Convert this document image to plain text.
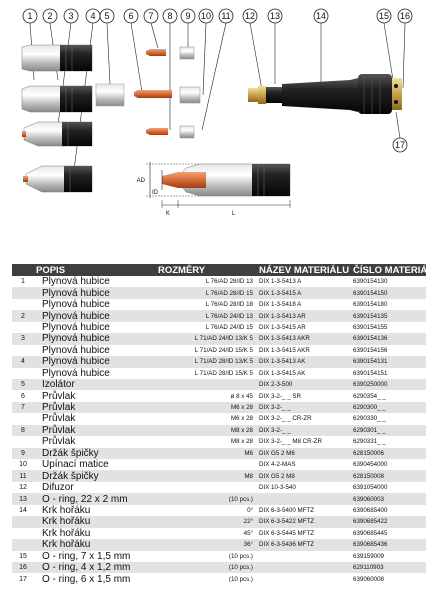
1 2 3 4 5 6 7 8 9 10 11 12 13	14	15 16
17
AD
ID
K	L
	POPIS	ROZMĚRY	NÁZEV MATERIÁLU	ČÍSLO MATERIÁLU
1	Plynová hubice	L 76/AD 28/ID 13	DIX 1-3-5413 A	6390154130
	Plynová hubice	L 76/AD 28/ID 15	DIX 1-3-5415 A	6390154150
	Plynová hubice	L 76/AD 28/ID 18	DIX 1-3-5418 A	6390154180
2	Plynová hubice	L 76/AD 24/ID 13	DIX 1-3-5413 AR	6390154135
	Plynová hubice	L 76/AD 24/ID 15	DIX 1-3-5415 AR	6390154155
3	Plynová hubice	L 71/AD 24/ID 13/K 5	DIX 1-3-5413 AKR	6390154136
	Plynová hubice	L 71/AD 24/ID 15/K 5	DIX 1-3-5415 AKR	6390154156
4	Plynová hubice	L 71/AD 28/ID 13/K 5	DIX 1-3-5413 AK	6390154131
	Plynová hubice	L 71/AD 28/ID 15/K 5	DIX 1-3-5415 AK	6390154151
5	Izolátor		DIX 2-3-500	6390250000
6	Průvlak	ø 8 x 45	DIX 3-2-_ _ SR	6290354_ _
7	Průvlak	M6 x 28	DIX 3-2-_ _	6290300_ _
	Průvlak	M6 x 28	DIX 3-2-_ _ CR-ZR	6290330_ _
8	Průvlak	M8 x 28	DIX 3-2-_ _	6290301_ _
	Průvlak	M8 x 28	DIX 3-2-_ _ M8 CR-ZR	6290331_ _
9	Držák špičky	M6	DIX G5 2 M6	628150006
10	Upínací matice		DIX 4-2-MAS	6390454000
11	Držák špičky	M8	DIX G5 2 M8	628150008
12	Difuzor		DIX 10-3-540	6391054000
13	O - ring, 22 x 2 mm	(10 pcs.)		639060003
14	Krk hořáku	0°	DIX 6-3-5400 MFTZ	6390685400
	Krk hořáku	22°	DIX 6-3-5422 MFTZ	6390685422
	Krk hořáku	45°	DIX 6-3-5445 MFTZ	6390685445
	Krk hořáku	36°	DIX 6-3-5436 MFTZ	6390685436
15	O - ring, 7 x 1,5 mm	(10 pcs.)		639159009
16	O - ring, 4 x 1,2 mm	(10 pcs.)		629110903
17	O - ring, 6 x 1,5 mm	(10 pcs.)		639060008
